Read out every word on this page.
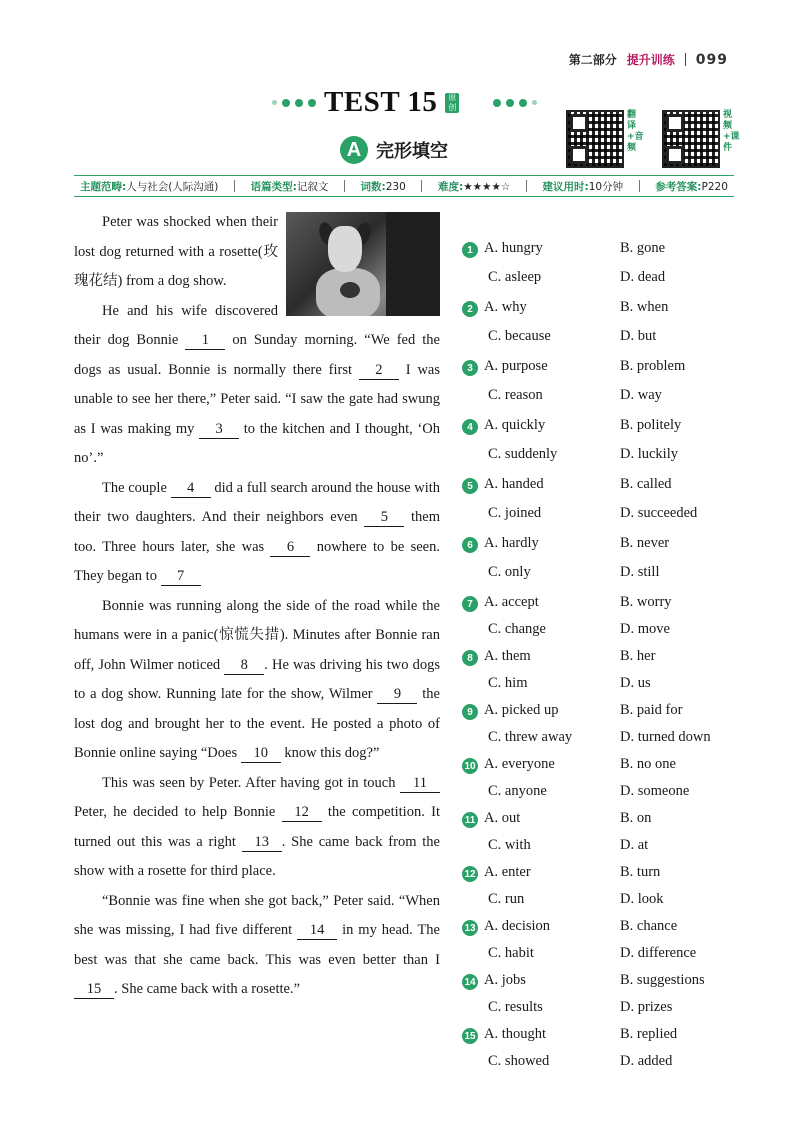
第二部分 提升训练 099
TEST 15	原创
A 完形填空
翻译+音频
视频+课件
主题范畴:人与社会(人际沟通)	语篇类型:记叙文	词数:230	难度:★★★★☆	建议用时:10分钟	参考答案:P220

Peter was shocked when their lost dog returned with a rosette(玫瑰花结) from a dog show.

He and his wife discovered their dog Bonnie 1 on Sunday morning. “We fed the dogs as usual. Bonnie is normally there first 2 I was unable to see her there,” Peter said. “I saw the gate had swung as I was making my 3 to the kitchen and I thought, ‘Oh no’.”

The couple 4 did a full search around the house with their two daughters. And their neighbors even 5 them too. Three hours later, she was 6 nowhere to be seen. They began to 7

Bonnie was running along the side of the road while the humans were in a panic(惊慌失措). Minutes after Bonnie ran off, John Wilmer noticed 8 . He was driving his two dogs to a dog show. Running late for the show, Wilmer 9 the lost dog and brought her to the event. He posted a photo of Bonnie online saying “Does 10 know this dog?”

This was seen by Peter. After having got in touch 11 Peter, he decided to help Bonnie 12 the competition. It turned out this was a right 13 . She came back from the show with a rosette for third place.

“Bonnie was fine when she got back,” Peter said. “When she was missing, I had five different 14 in my head. The best was that she came back. This was even better than I 15 . She came back with a rosette.”

1 A. hungry	B. gone
C. asleep	D. dead
2 A. why	B. when
C. because	D. but
3 A. purpose	B. problem
C. reason	D. way
4 A. quickly	B. politely
C. suddenly	D. luckily
5 A. handed	B. called
C. joined	D. succeeded
6 A. hardly	B. never
C. only	D. still
7 A. accept	B. worry
C. change	D. move
8 A. them	B. her
C. him	D. us
9 A. picked up	B. paid for
C. threw away	D. turned down
10 A. everyone	B. no one
C. anyone	D. someone
11 A. out	B. on
C. with	D. at
12 A. enter	B. turn
C. run	D. look
13 A. decision	B. chance
C. habit	D. difference
14 A. jobs	B. suggestions
C. results	D. prizes
15 A. thought	B. replied
C. showed	D. added
